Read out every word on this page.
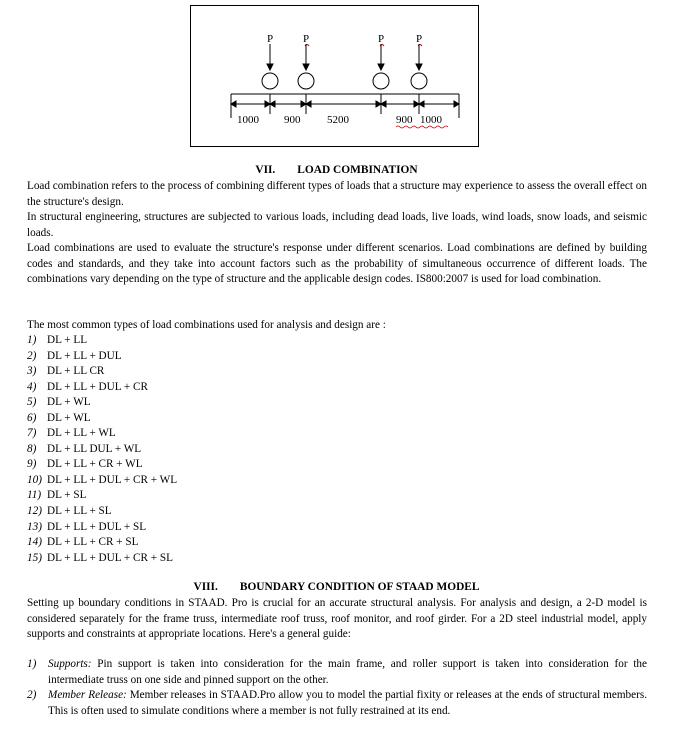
P	P	P	P
1000 900 5200	900 1000
VII. LOAD COMBINATION
Load combination refers to the process of combining different types of loads that a structure may experience to assess the overall effect on the structure's design.
In structural engineering, structures are subjected to various loads, including dead loads, live loads, wind loads, snow loads, and seismic loads.
Load combinations are used to evaluate the structure's response under different scenarios. Load combinations are defined by building codes and standards, and they take into account factors such as the probability of simultaneous occurrence of different loads. The combinations vary depending on the type of structure and the applicable design codes. IS800:2007 is used for load combination.
The most common types of load combinations used for analysis and design are :
1) DL + LL
2) DL + LL + DUL
3) DL + LL CR
4) DL + LL + DUL + CR
5) DL + WL
6) DL + WL
7) DL + LL + WL
8) DL + LL DUL + WL
9) DL + LL + CR + WL
10) DL + LL + DUL + CR + WL
11) DL + SL
12) DL + LL + SL
13) DL + LL + DUL + SL
14) DL + LL + CR + SL
15) DL + LL + DUL + CR + SL
VIII. BOUNDARY CONDITION OF STAAD MODEL
Setting up boundary conditions in STAAD. Pro is crucial for an accurate structural analysis. For analysis and design, a 2-D model is considered separately for the frame truss, intermediate roof truss, roof monitor, and roof girder. For a 2D steel industrial model, apply supports and constraints at appropriate locations. Here's a general guide:
1) Supports: Pin support is taken into consideration for the main frame, and roller support is taken into consideration for the intermediate truss on one side and pinned support on the other.
2) Member Release: Member releases in STAAD.Pro allow you to model the partial fixity or releases at the ends of structural members. This is often used to simulate conditions where a member is not fully restrained at its end.
